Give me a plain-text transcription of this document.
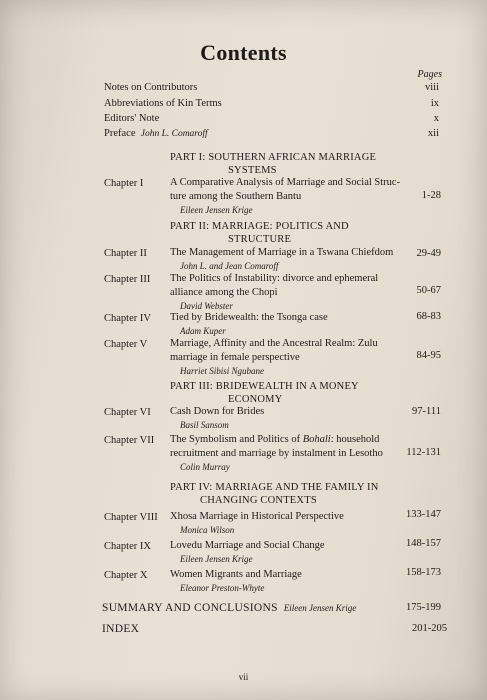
Contents
Pages
Notes on Contributors	viii
Abbreviations of Kin Terms	ix
Editors' Note	x
Preface John L. Comaroff	xii
PART I: SOUTHERN AFRICAN MARRIAGE
SYSTEMS
Chapter I	A Comparative Analysis of Marriage and Social Struc-
ture among the Southern Bantu
Eileen Jensen Krige
1-28
PART II: MARRIAGE: POLITICS AND
STRUCTURE
Chapter II The Management of Marriage in a Tswana Chiefdom
John L. and Jean Comaroff
29-49
Chapter III The Politics of Instability: divorce and ephemeral
alliance among the Chopi
David Webster
50-67
Chapter IV Tied by Bridewealth: the Tsonga case
Adam Kuper
68-83
Chapter V Marriage, Affinity and the Ancestral Realm: Zulu
marriage in female perspective
Harriet Sibisi Ngubane
84-95
PART III: BRIDEWEALTH IN A MONEY
ECONOMY
Chapter VI Cash Down for Brides
Basil Sansom
97-111
Chapter VII The Symbolism and Politics of Bohali: household
recruitment and marriage by instalment in Lesotho
Colin Murray
112-131
PART IV: MARRIAGE AND THE FAMILY IN
CHANGING CONTEXTS
Chapter VIII Xhosa Marriage in Historical Perspective
Monica Wilson
133-147
Chapter IX Lovedu Marriage and Social Change
Eileen Jensen Krige
148-157
Chapter X Women Migrants and Marriage
Eleanor Preston-Whyte
158-173
SUMMARY AND CONCLUSIONS Eileen Jensen Krige	175-199
INDEX	201-205
vii
